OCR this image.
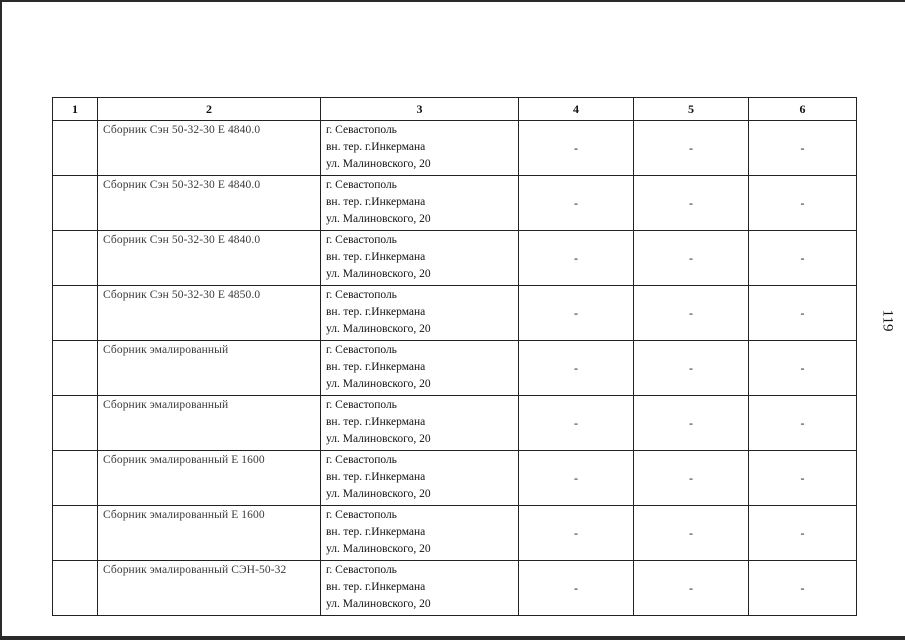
1	2	3	4	5	6
	Сборник Сэн 50-32-30 Е 4840.0	г. Севастополь
вн. тер. г.Инкермана
ул. Малиновского, 20	-	-	-
	Сборник Сэн 50-32-30 Е 4840.0	г. Севастополь
вн. тер. г.Инкермана
ул. Малиновского, 20	-	-	-
	Сборник Сэн 50-32-30 Е 4840.0	г. Севастополь
вн. тер. г.Инкермана
ул. Малиновского, 20	-	-	-
	Сборник Сэн 50-32-30 Е 4850.0	г. Севастополь
вн. тер. г.Инкермана
ул. Малиновского, 20	-	-	-
	Сборник эмалированный	г. Севастополь
вн. тер. г.Инкермана
ул. Малиновского, 20	-	-	-
	Сборник эмалированный	г. Севастополь
вн. тер. г.Инкермана
ул. Малиновского, 20	-	-	-
	Сборник эмалированный Е 1600	г. Севастополь
вн. тер. г.Инкермана
ул. Малиновского, 20	-	-	-
	Сборник эмалированный Е 1600	г. Севастополь
вн. тер. г.Инкермана
ул. Малиновского, 20	-	-	-
	Сборник эмалированный СЭН-50-32	г. Севастополь
вн. тер. г.Инкермана
ул. Малиновского, 20	-	-	-
119
